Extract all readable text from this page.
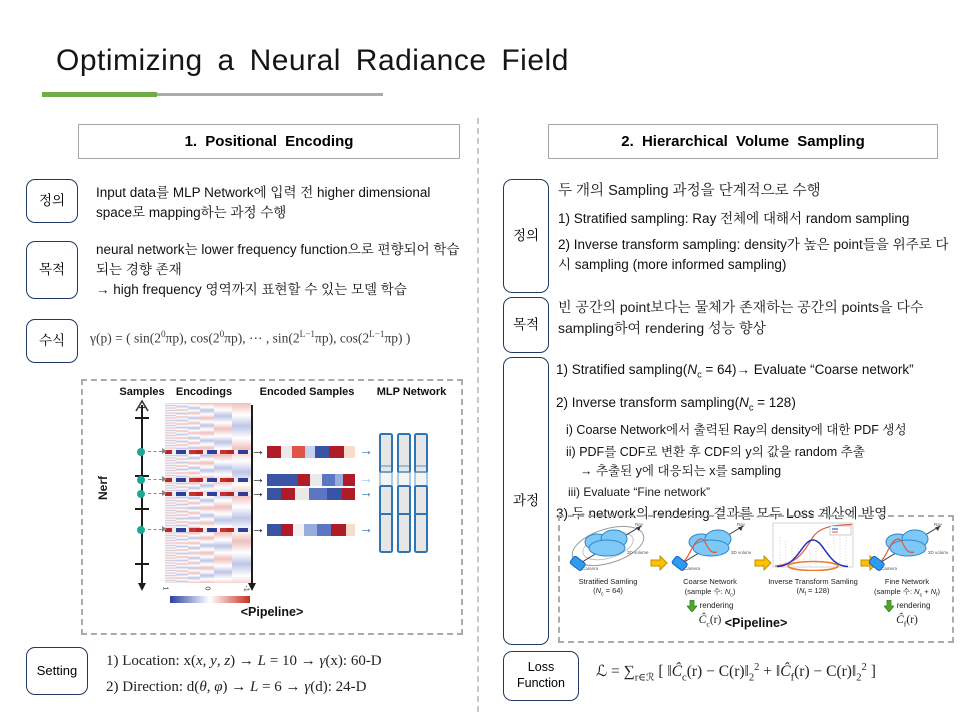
Optimizing a Neural Radiance Field
1. Positional Encoding
정의
Input data를 MLP Network에 입력 전 higher dimensional space로 mapping하는 과정 수행
목적
neural network는 lower frequency function으로 편향되어 학습되는 경향 존재
→ high frequency 영역까지 표현할 수 있는 모델 학습
수식	γ(p) = ( $\sin(2^0\pi p)$, $\cos(2^0\pi p)$, ⋯ , $\sin(2^{L-1}\pi p)$, $\cos(2^{L-1}\pi p)$ )
Samples	Encodings	Encoded Samples	MLP Network
Nerf
1	0	-1
<Pipeline>
→	→
→	→
→	→
→	→
Setting
1) Location: x(x, y, z) → L = 10 → γ(x): 60-D
2) Direction: d(θ, φ) → L = 6 → γ(d): 24-D
2. Hierarchical Volume Sampling
정의
두 개의 Sampling 과정을 단계적으로 수행
1) Stratified sampling: Ray 전체에 대해서 random sampling
2) Inverse transform sampling: density가 높은 point들을 위주로 다시 sampling (more informed sampling)
목적
빈 공간의 point보다는 물체가 존재하는 공간의 points을 다수 sampling하여 rendering 성능 향상
과정
1) Stratified $sampling(N_c = 64)\to$ Evaluate “Coarse network”
2) Inverse transform $sampling(N_c = 128)$
i) Coarse Network에서 출력된 Ray의 density에 대한 PDF 생성
ii) PDF를 CDF로 변환 후 CDF의 y의 값을 random 추출
→ 추출된 y에 대응되는 x를 sampling
iii) Evaluate “Fine network”
3) 두 network의 rendering 결과를 모두 Loss 계산에 반영
Ray
3D volume
Camera
Stratified Samling
$(N_c = 64)$
Ray
3D volume
Camera
Coarse Network
(sample 수: $N_c$)
rendering
$Ĉ_c(r)$
Inverse Transform Samling
$(N_f = 128)$
Ray
3D volume
Camera
Fine Network
(sample 수: $N_c + N_f$)
rendering
$Ĉ_f(r)$
<Pipeline>
Loss
Function
ℒ = $\sum_{r\in ℛ}$ [ $‖Ĉ_c(r)$ − $C(r)‖_2^2$ + $‖Ĉ_f(r)$ − $C(r)‖_2^2$ ]
